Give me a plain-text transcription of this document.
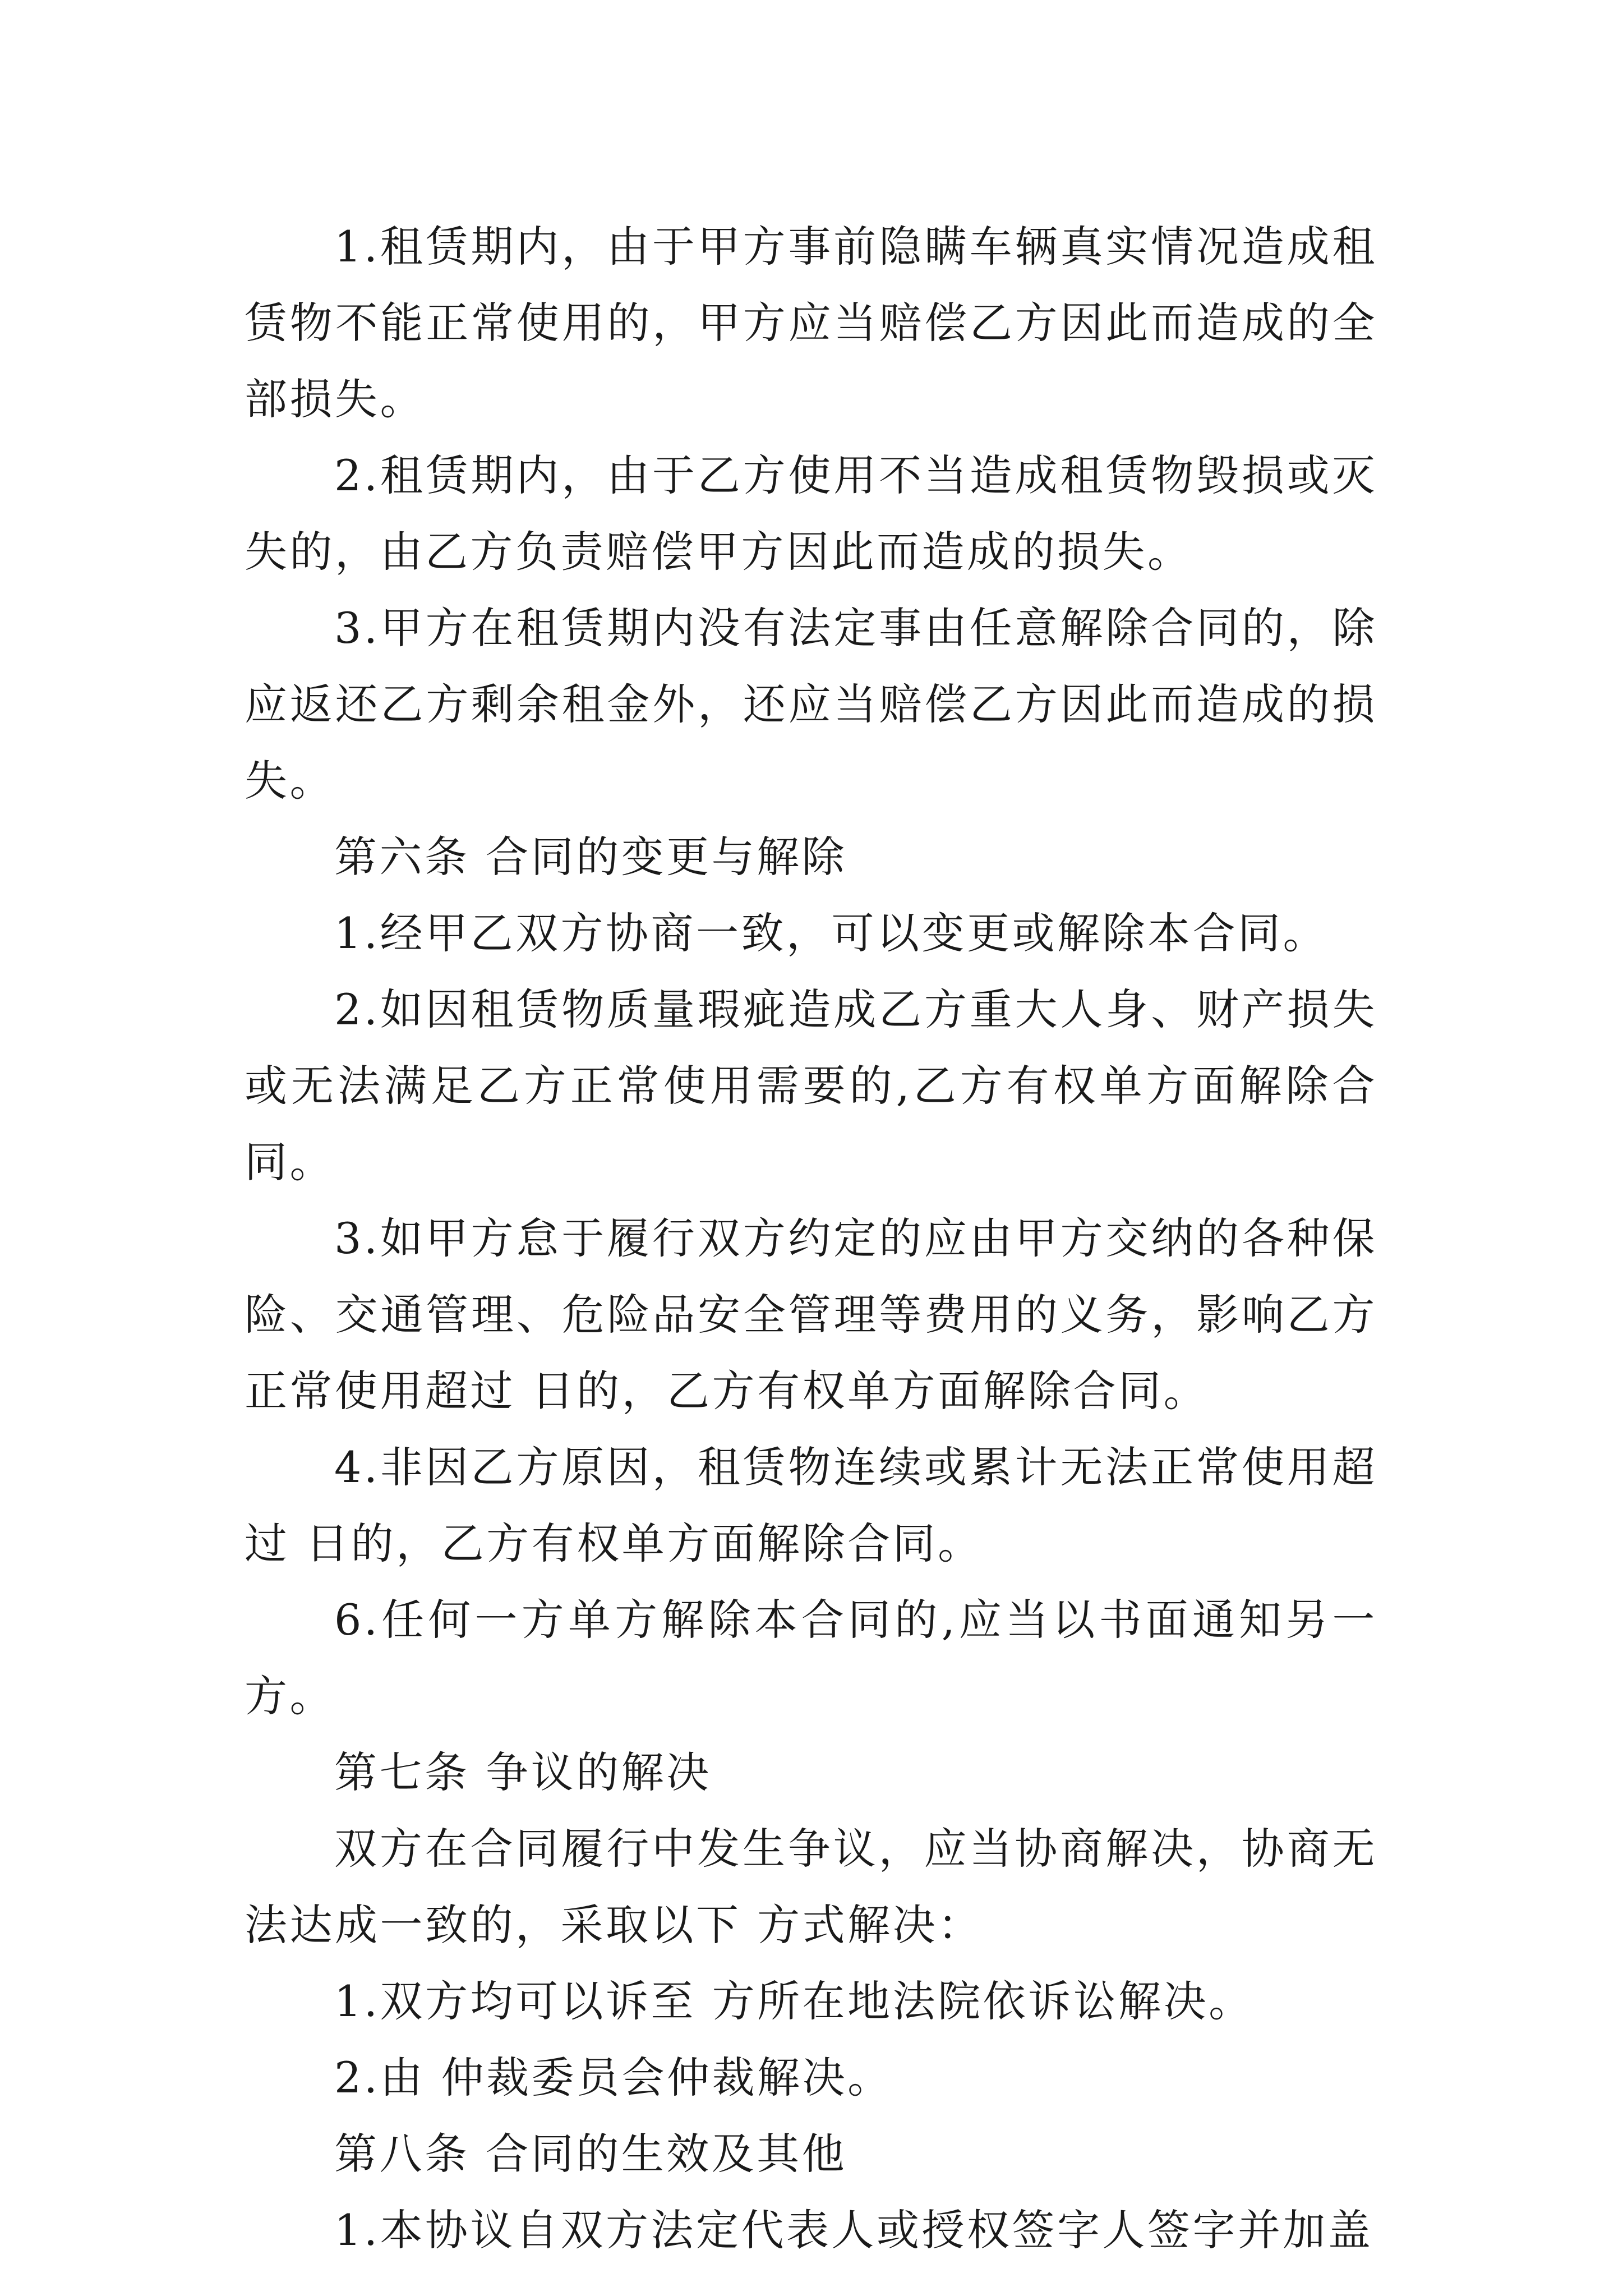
1.租赁期内，由于甲方事前隐瞒车辆真实情况造成租赁物不能正常使用的，甲方应当赔偿乙方因此而造成的全部损失。

2.租赁期内，由于乙方使用不当造成租赁物毁损或灭失的，由乙方负责赔偿甲方因此而造成的损失。

3.甲方在租赁期内没有法定事由任意解除合同的，除应返还乙方剩余租金外，还应当赔偿乙方因此而造成的损失。

第六条 合同的变更与解除

1.经甲乙双方协商一致，可以变更或解除本合同。

2.如因租赁物质量瑕疵造成乙方重大人身、财产损失或无法满足乙方正常使用需要的,乙方有权单方面解除合同。

3.如甲方怠于履行双方约定的应由甲方交纳的各种保险、交通管理、危险品安全管理等费用的义务，影响乙方正常使用超过 日的，乙方有权单方面解除合同。

4.非因乙方原因，租赁物连续或累计无法正常使用超过 日的，乙方有权单方面解除合同。

6.任何一方单方解除本合同的,应当以书面通知另一方。

第七条 争议的解决

双方在合同履行中发生争议，应当协商解决，协商无法达成一致的，采取以下 方式解决：

1.双方均可以诉至 方所在地法院依诉讼解决。

2.由 仲裁委员会仲裁解决。

第八条 合同的生效及其他

1.本协议自双方法定代表人或授权签字人签字并加盖
